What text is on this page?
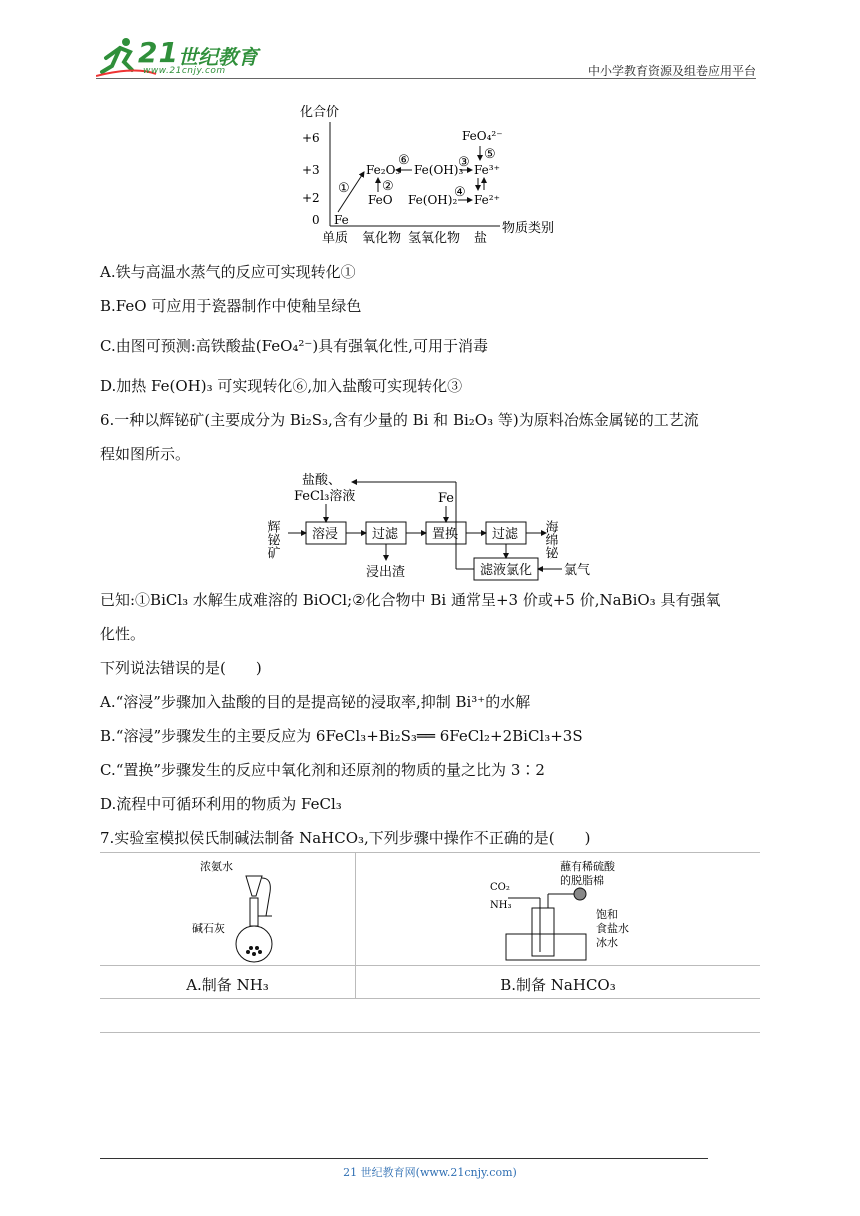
21 世纪教育
www.21cnjy.com	中小学教育资源及组卷应用平台
化合价
+6
+3
+2
0
单质 氧化物 氢氧化物 盐
物质类别
Fe
Fe₂O₃
FeO
Fe(OH)₃
Fe(OH)₂
Fe³⁺
Fe²⁺
FeO₄²⁻
① ②
③
④
⑤
⑥
A.铁与高温水蒸气的反应可实现转化①
B.FeO 可应用于瓷器制作中使釉呈绿色
C.由图可预测:高铁酸盐(FeO₄²⁻)具有强氧化性,可用于消毒
D.加热 Fe(OH)₃ 可实现转化⑥,加入盐酸可实现转化③
6.一种以辉铋矿(主要成分为 Bi₂S₃,含有少量的 Bi 和 Bi₂O₃ 等)为原料冶炼金属铋的工艺流
程如图所示。
盐酸、
FeCl₃溶液	Fe
辉铋矿	溶浸	过滤	置换	过滤
滤液氯化
浸出渣
海绵铋
氯气
已知:①BiCl₃ 水解生成难溶的 BiOCl;②化合物中 Bi 通常呈+3 价或+5 价,NaBiO₃ 具有强氧
化性。
下列说法错误的是(　　)
A.“溶浸”步骤加入盐酸的目的是提高铋的浸取率,抑制 Bi³⁺的水解
B.“溶浸”步骤发生的主要反应为 6FeCl₃+Bi₂S₃══ 6FeCl₂+2BiCl₃+3S
C.“置换”步骤发生的反应中氧化剂和还原剂的物质的量之比为 3∶2
D.流程中可循环利用的物质为 FeCl₃
7.实验室模拟侯氏制碱法制备 NaHCO₃,下列步骤中操作不正确的是(　　)
浓氨水
碱石灰
CO₂
NH₃
蘸有稀硫酸
的脱脂棉
饱和
食盐水
冰水
A.制备 NH₃	B.制备 NaHCO₃
21 世纪教育网(www.21cnjy.com)
